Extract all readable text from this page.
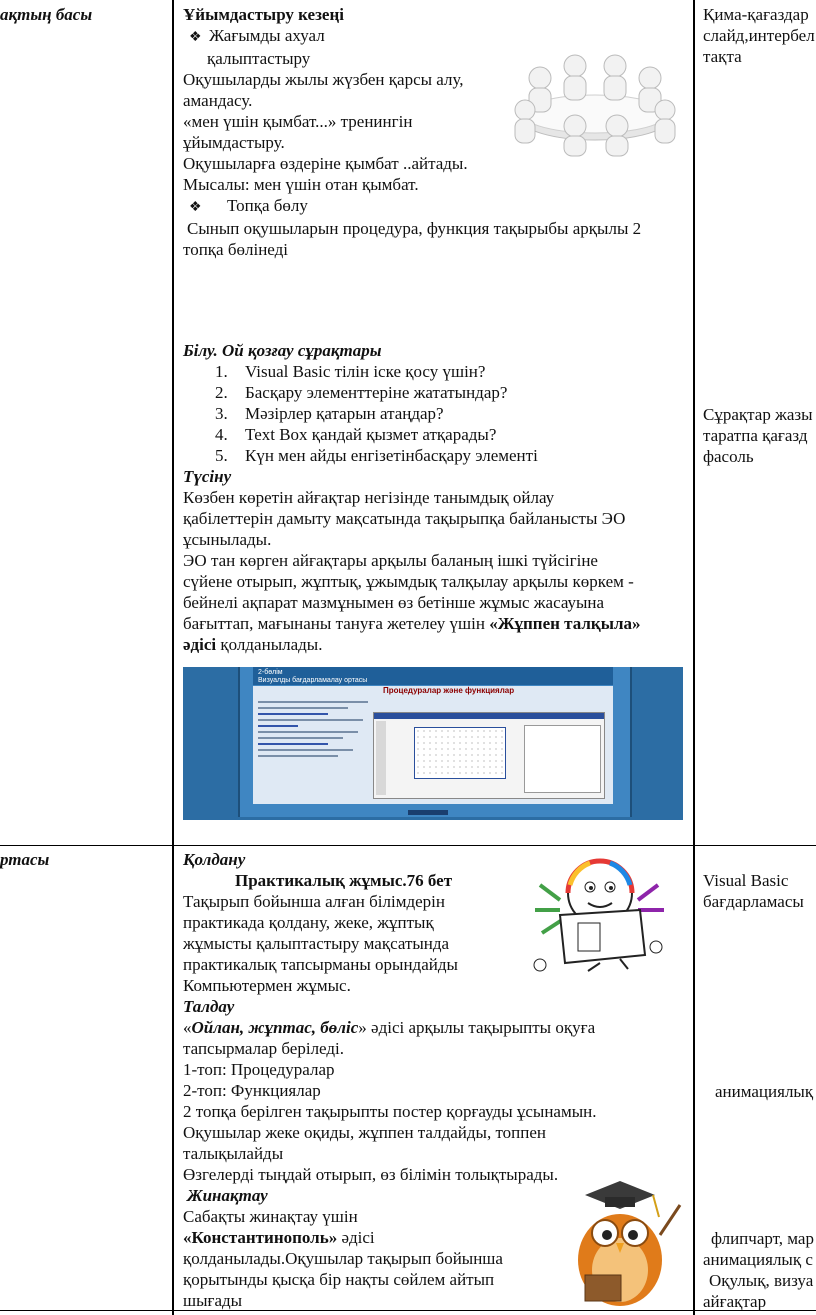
ақтың басы	Ұйымдастыру кезеңі

❖ Жағымды ахуал

қалыптастыру

Оқушыларды жылы жүзбен қарсы алу,

амандасу.

«мен үшін қымбат...» тренингін

ұйымдастыру.

Оқушыларға өздеріне қымбат ..айтады.

Мысалы: мен үшін отан қымбат.

❖ Топқа бөлу

Сынып оқушыларын процедура, функция тақырыбы арқылы 2

топқа бөлінеді

Білу. Ой қозғау сұрақтары

1. Visual Basic тілін іске қосу үшін?
2. Басқару элементтеріне жататындар?
3. Мәзірлер қатарын атаңдар?
4. Text Box қандай қызмет атқарады?
5. Күн мен айды енгізетінбасқару элементі

Түсіну

Көзбен көретін айғақтар негізінде танымдық ойлау

қабілеттерін дамыту мақсатында тақырыпқа байланысты ЭО

ұсынылады.

ЭО тан көрген айғақтары арқылы баланың ішкі түйсігіне

сүйене отырып, жұптық, ұжымдық талқылау арқылы көркем -

бейнелі ақпарат мазмұнымен өз бетінше жұмыс жасауына

бағыттап, мағынаны тануға жетелеу үшін «Жұппен талқыла»

әдісі қолданылады.

2-бөлім
Визуалды бағдарламалау ортасы
Процедуралар және функциялар

Қима-қағаздар

слайд,интербел

тақта

Сұрақтар жазы

таратпа қағазд

фасоль

ртасы	Қолдану

Практикалық жұмыс.76 бет

Тақырып бойынша алған білімдерін

практикада қолдану, жеке, жұптық

жұмысты қалыптастыру мақсатында

практикалық тапсырманы орындайды

Компьютермен жұмыс.

Талдау

«Ойлан, жұптас, бөліс» әдісі арқылы тақырыпты оқуға

тапсырмалар беріледі.

1-топ: Процедуралар

2-топ: Функциялар

2 топқа берілген тақырыпты постер қорғауды ұсынамын.

Оқушылар жеке оқиды, жұппен талдайды, топпен

талықылайды

Өзгелерді тыңдай отырып, өз білімін толықтырады.

Жинақтау

Сабақты жинақтау үшін

«Константинополь» әдісі

қолданылады.Оқушылар тақырып бойынша

қорытынды қысқа бір нақты сөйлем айтып

шығады

Visual Basic

бағдарламасы

анимациялық

флипчарт, мар

анимациялық с

Оқулық, визуа

айғақтар
